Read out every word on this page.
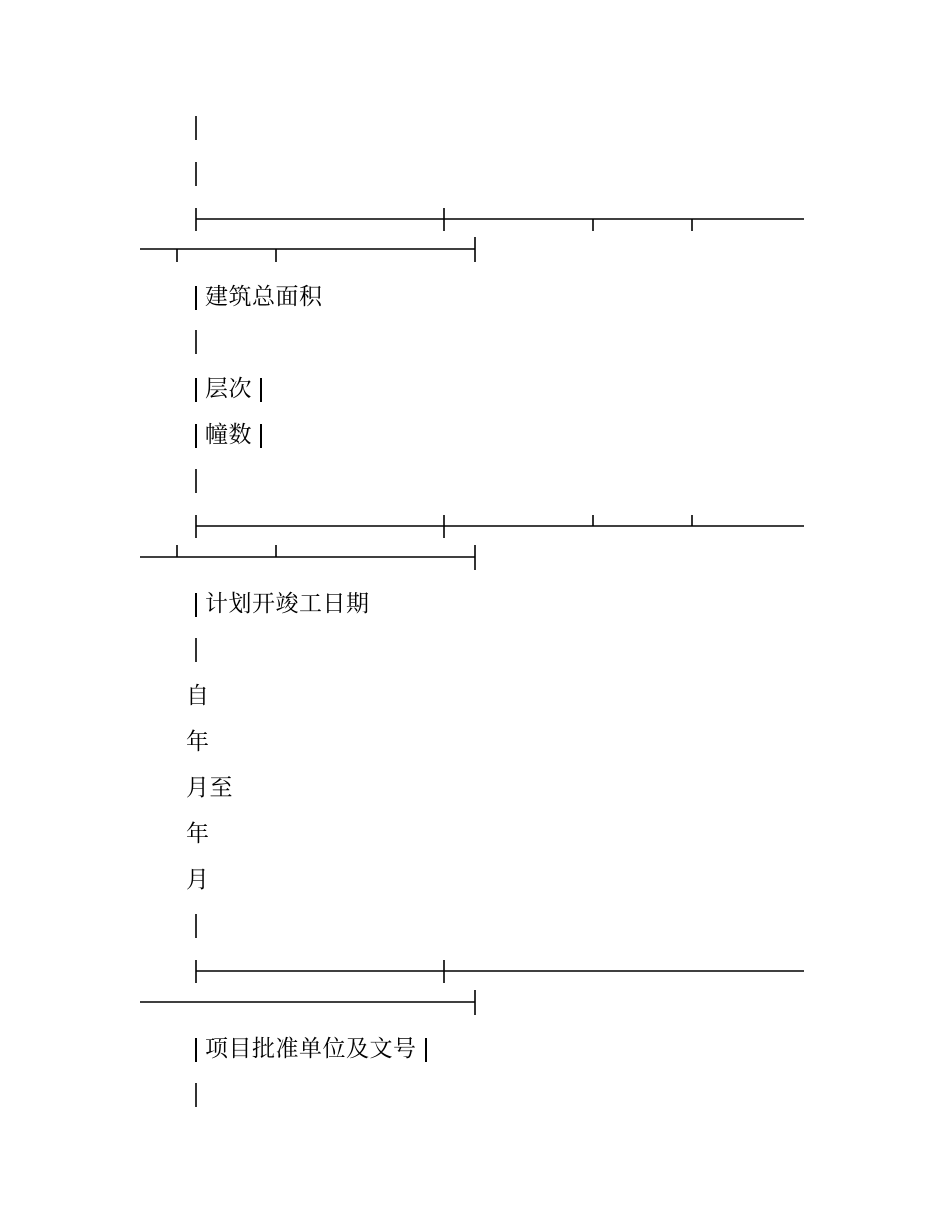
建筑总面积
层次
幢数
计划开竣工日期
自
年
月至
年
月
项目批准单位及文号
